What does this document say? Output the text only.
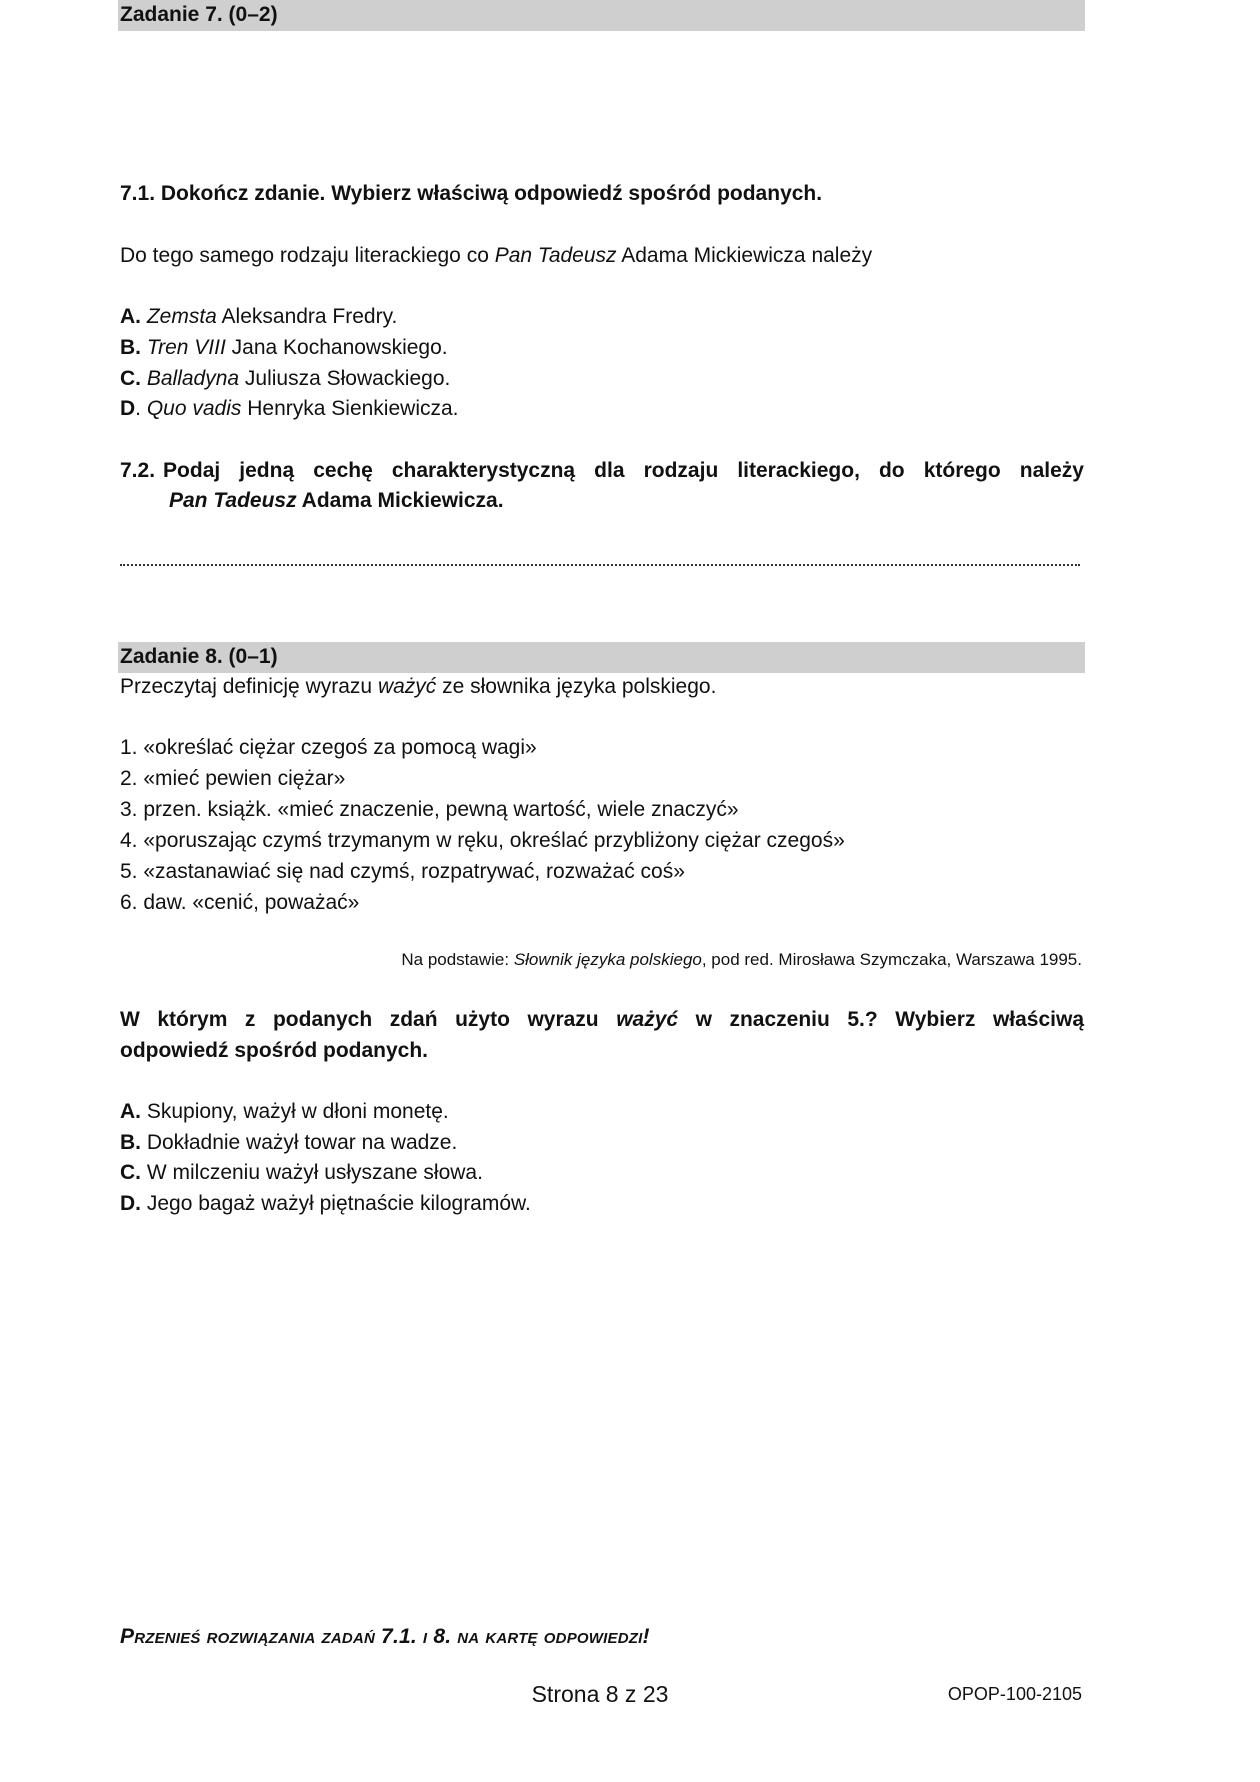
Zadanie 7. (0–2)
7.1. Dokończ zdanie. Wybierz właściwą odpowiedź spośród podanych.
Do tego samego rodzaju literackiego co Pan Tadeusz Adama Mickiewicza należy
A. Zemsta Aleksandra Fredry.
B. Tren VIII Jana Kochanowskiego.
C. Balladyna Juliusza Słowackiego.
D. Quo vadis Henryka Sienkiewicza.
7.2. Podaj jedną cechę charakterystyczną dla rodzaju literackiego, do którego należy
Pan Tadeusz Adama Mickiewicza.
Zadanie 8. (0–1)
Przeczytaj definicję wyrazu ważyć ze słownika języka polskiego.
1. «określać ciężar czegoś za pomocą wagi»
2. «mieć pewien ciężar»
3. przen. książk. «mieć znaczenie, pewną wartość, wiele znaczyć»
4. «poruszając czymś trzymanym w ręku, określać przybliżony ciężar czegoś»
5. «zastanawiać się nad czymś, rozpatrywać, rozważać coś»
6. daw. «cenić, poważać»
Na podstawie: Słownik języka polskiego, pod red. Mirosława Szymczaka, Warszawa 1995.
W którym z podanych zdań użyto wyrazu ważyć w znaczeniu 5.? Wybierz właściwą
odpowiedź spośród podanych.
A. Skupiony, ważył w dłoni monetę.
B. Dokładnie ważył towar na wadze.
C. W milczeniu ważył usłyszane słowa.
D. Jego bagaż ważył piętnaście kilogramów.
Przenieś rozwiązania zadań 7.1. i 8. na kartę odpowiedzi!
Strona 8 z 23	OPOP-100-2105
